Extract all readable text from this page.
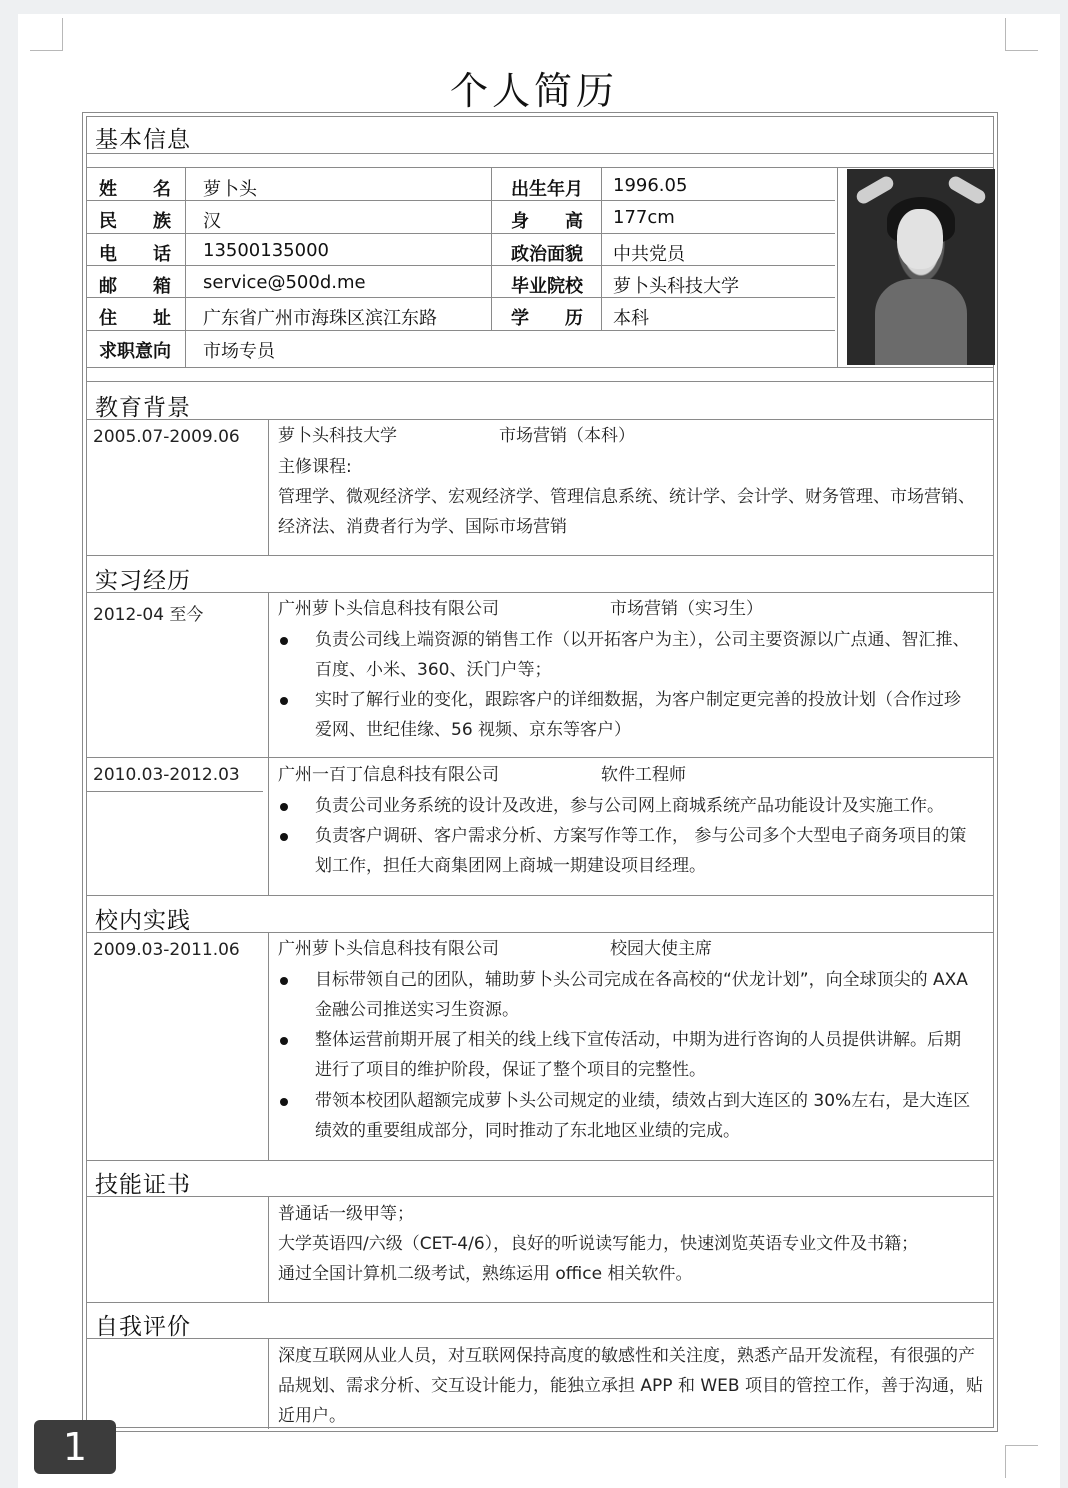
个人简历
基本信息
姓　　名 萝卜头	出生年月 1996.05
民　　族 汉	身　　高 177cm
电　　话 13500135000	政治面貌 中共党员
邮　　箱 service@500d.me	毕业院校 萝卜头科技大学
住　　址 广东省广州市海珠区滨江东路	学　　历 本科
求职意向 市场专员
教育背景
2005.07-2009.06 萝卜头科技大学	市场营销（本科）
主修课程:
管理学、微观经济学、宏观经济学、管理信息系统、统计学、会计学、财务管理、市场营销、
经济法、消费者行为学、国际市场营销
实习经历
2012-04 至今	广州萝卜头信息科技有限公司	市场营销（实习生）
负责公司线上端资源的销售工作（以开拓客户为主），公司主要资源以广点通、智汇推、
百度、小米、360、沃门户等；
实时了解行业的变化，跟踪客户的详细数据，为客户制定更完善的投放计划（合作过珍
爱网、世纪佳缘、56 视频、京东等客户）
2010.03-2012.03 广州一百丁信息科技有限公司	软件工程师
负责公司业务系统的设计及改进，参与公司网上商城系统产品功能设计及实施工作。
负责客户调研、客户需求分析、方案写作等工作， 参与公司多个大型电子商务项目的策
划工作，担任大商集团网上商城一期建设项目经理。
校内实践
2009.03-2011.06 广州萝卜头信息科技有限公司	校园大使主席
目标带领自己的团队，辅助萝卜头公司完成在各高校的“伏龙计划”，向全球顶尖的 AXA
金融公司推送实习生资源。
整体运营前期开展了相关的线上线下宣传活动，中期为进行咨询的人员提供讲解。后期
进行了项目的维护阶段，保证了整个项目的完整性。
带领本校团队超额完成萝卜头公司规定的业绩，绩效占到大连区的 30%左右，是大连区
绩效的重要组成部分，同时推动了东北地区业绩的完成。
技能证书
普通话一级甲等；
大学英语四/六级（CET-4/6），良好的听说读写能力，快速浏览英语专业文件及书籍；
通过全国计算机二级考试，熟练运用 office 相关软件。
自我评价
深度互联网从业人员，对互联网保持高度的敏感性和关注度，熟悉产品开发流程，有很强的产
品规划、需求分析、交互设计能力，能独立承担 APP 和 WEB 项目的管控工作，善于沟通，贴
近用户。
1
